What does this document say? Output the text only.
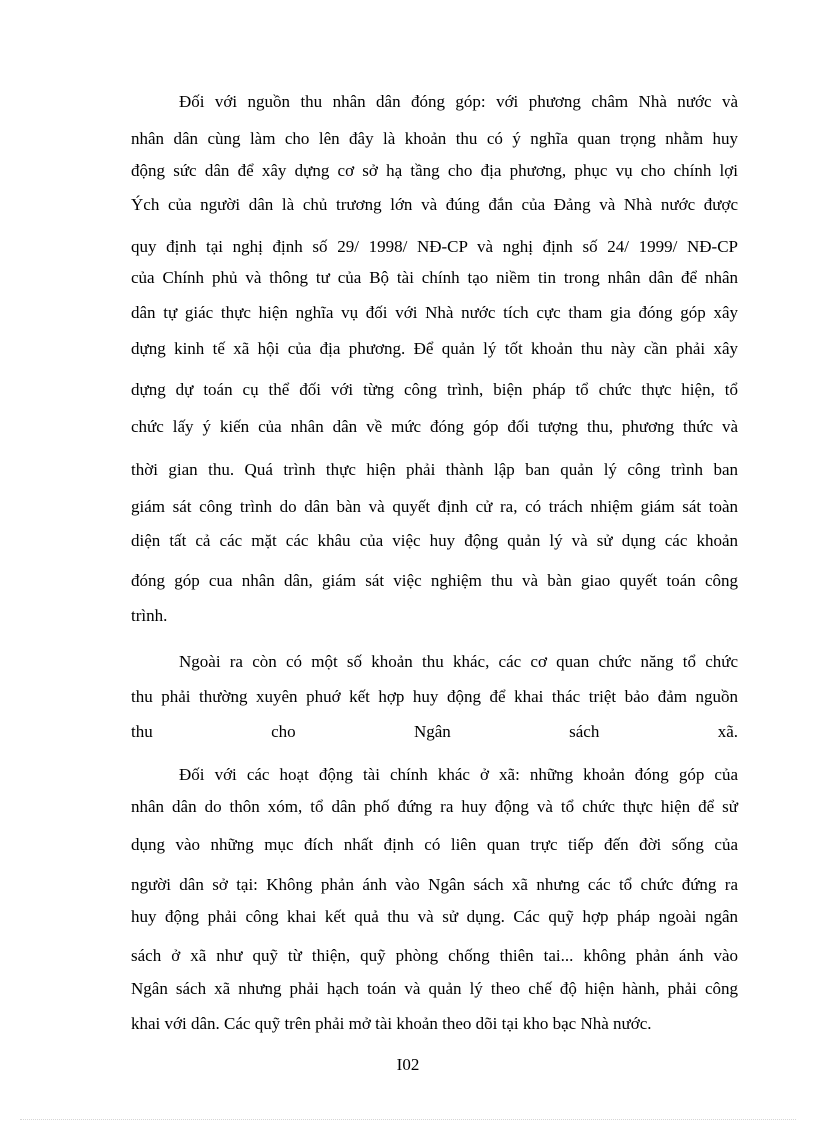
Đối với nguồn thu nhân dân đóng góp: với phương châm Nhà nước và
nhân dân cùng làm cho lên đây là khoản thu có ý nghĩa quan trọng nhằm huy
động sức dân để xây dựng cơ sở hạ tầng cho địa phương, phục vụ cho chính lợi
Ých của người dân là chủ trương lớn và đúng đắn của Đảng và Nhà nước được
quy định tại nghị định số 29/ 1998/ NĐ-CP và nghị định số 24/ 1999/ NĐ-CP
của Chính phủ và thông tư của Bộ tài chính tạo niềm tin trong nhân dân để nhân
dân tự giác thực hiện nghĩa vụ đối với Nhà nước tích cực tham gia đóng góp xây
dựng kinh tế xã hội của địa phương. Để quản lý tốt khoản thu này cần phải xây
dựng dự toán cụ thể đối với từng công trình, biện pháp tổ chức thực hiện, tổ
chức lấy ý kiến của nhân dân về mức đóng góp đối tượng thu, phương thức và
thời gian thu. Quá trình thực hiện phải thành lập ban quản lý công trình ban
giám sát công trình do dân bàn và quyết định cử ra, có trách nhiệm giám sát toàn
diện tất cả các mặt các khâu của việc huy động quản lý và sử dụng các khoản
đóng góp cua nhân dân, giám sát việc nghiệm thu và bàn giao quyết toán công
trình.
Ngoài ra còn có một số khoản thu khác, các cơ quan chức năng tổ chức
thu phải thường xuyên phuớ kết hợp huy động để khai thác triệt bảo đảm nguồn
thu cho Ngân sách xã.
Đối với các hoạt động tài chính khác ở xã: những khoản đóng góp của
nhân dân do thôn xóm, tổ dân phố đứng ra huy động và tổ chức thực hiện để sử
dụng vào những mục đích nhất định có liên quan trực tiếp đến đời sống của
người dân sở tại: Không phản ánh vào Ngân sách xã nhưng các tổ chức đứng ra
huy động phải công khai kết quả thu và sử dụng. Các quỹ hợp pháp ngoài ngân
sách ở xã như quỹ từ thiện, quỹ phòng chống thiên tai... không phản ánh vào
Ngân sách xã nhưng phải hạch toán và quản lý theo chế độ hiện hành, phải công
khai với dân. Các quỹ trên phải mở tài khoản theo dõi tại kho bạc Nhà nước.
I02
